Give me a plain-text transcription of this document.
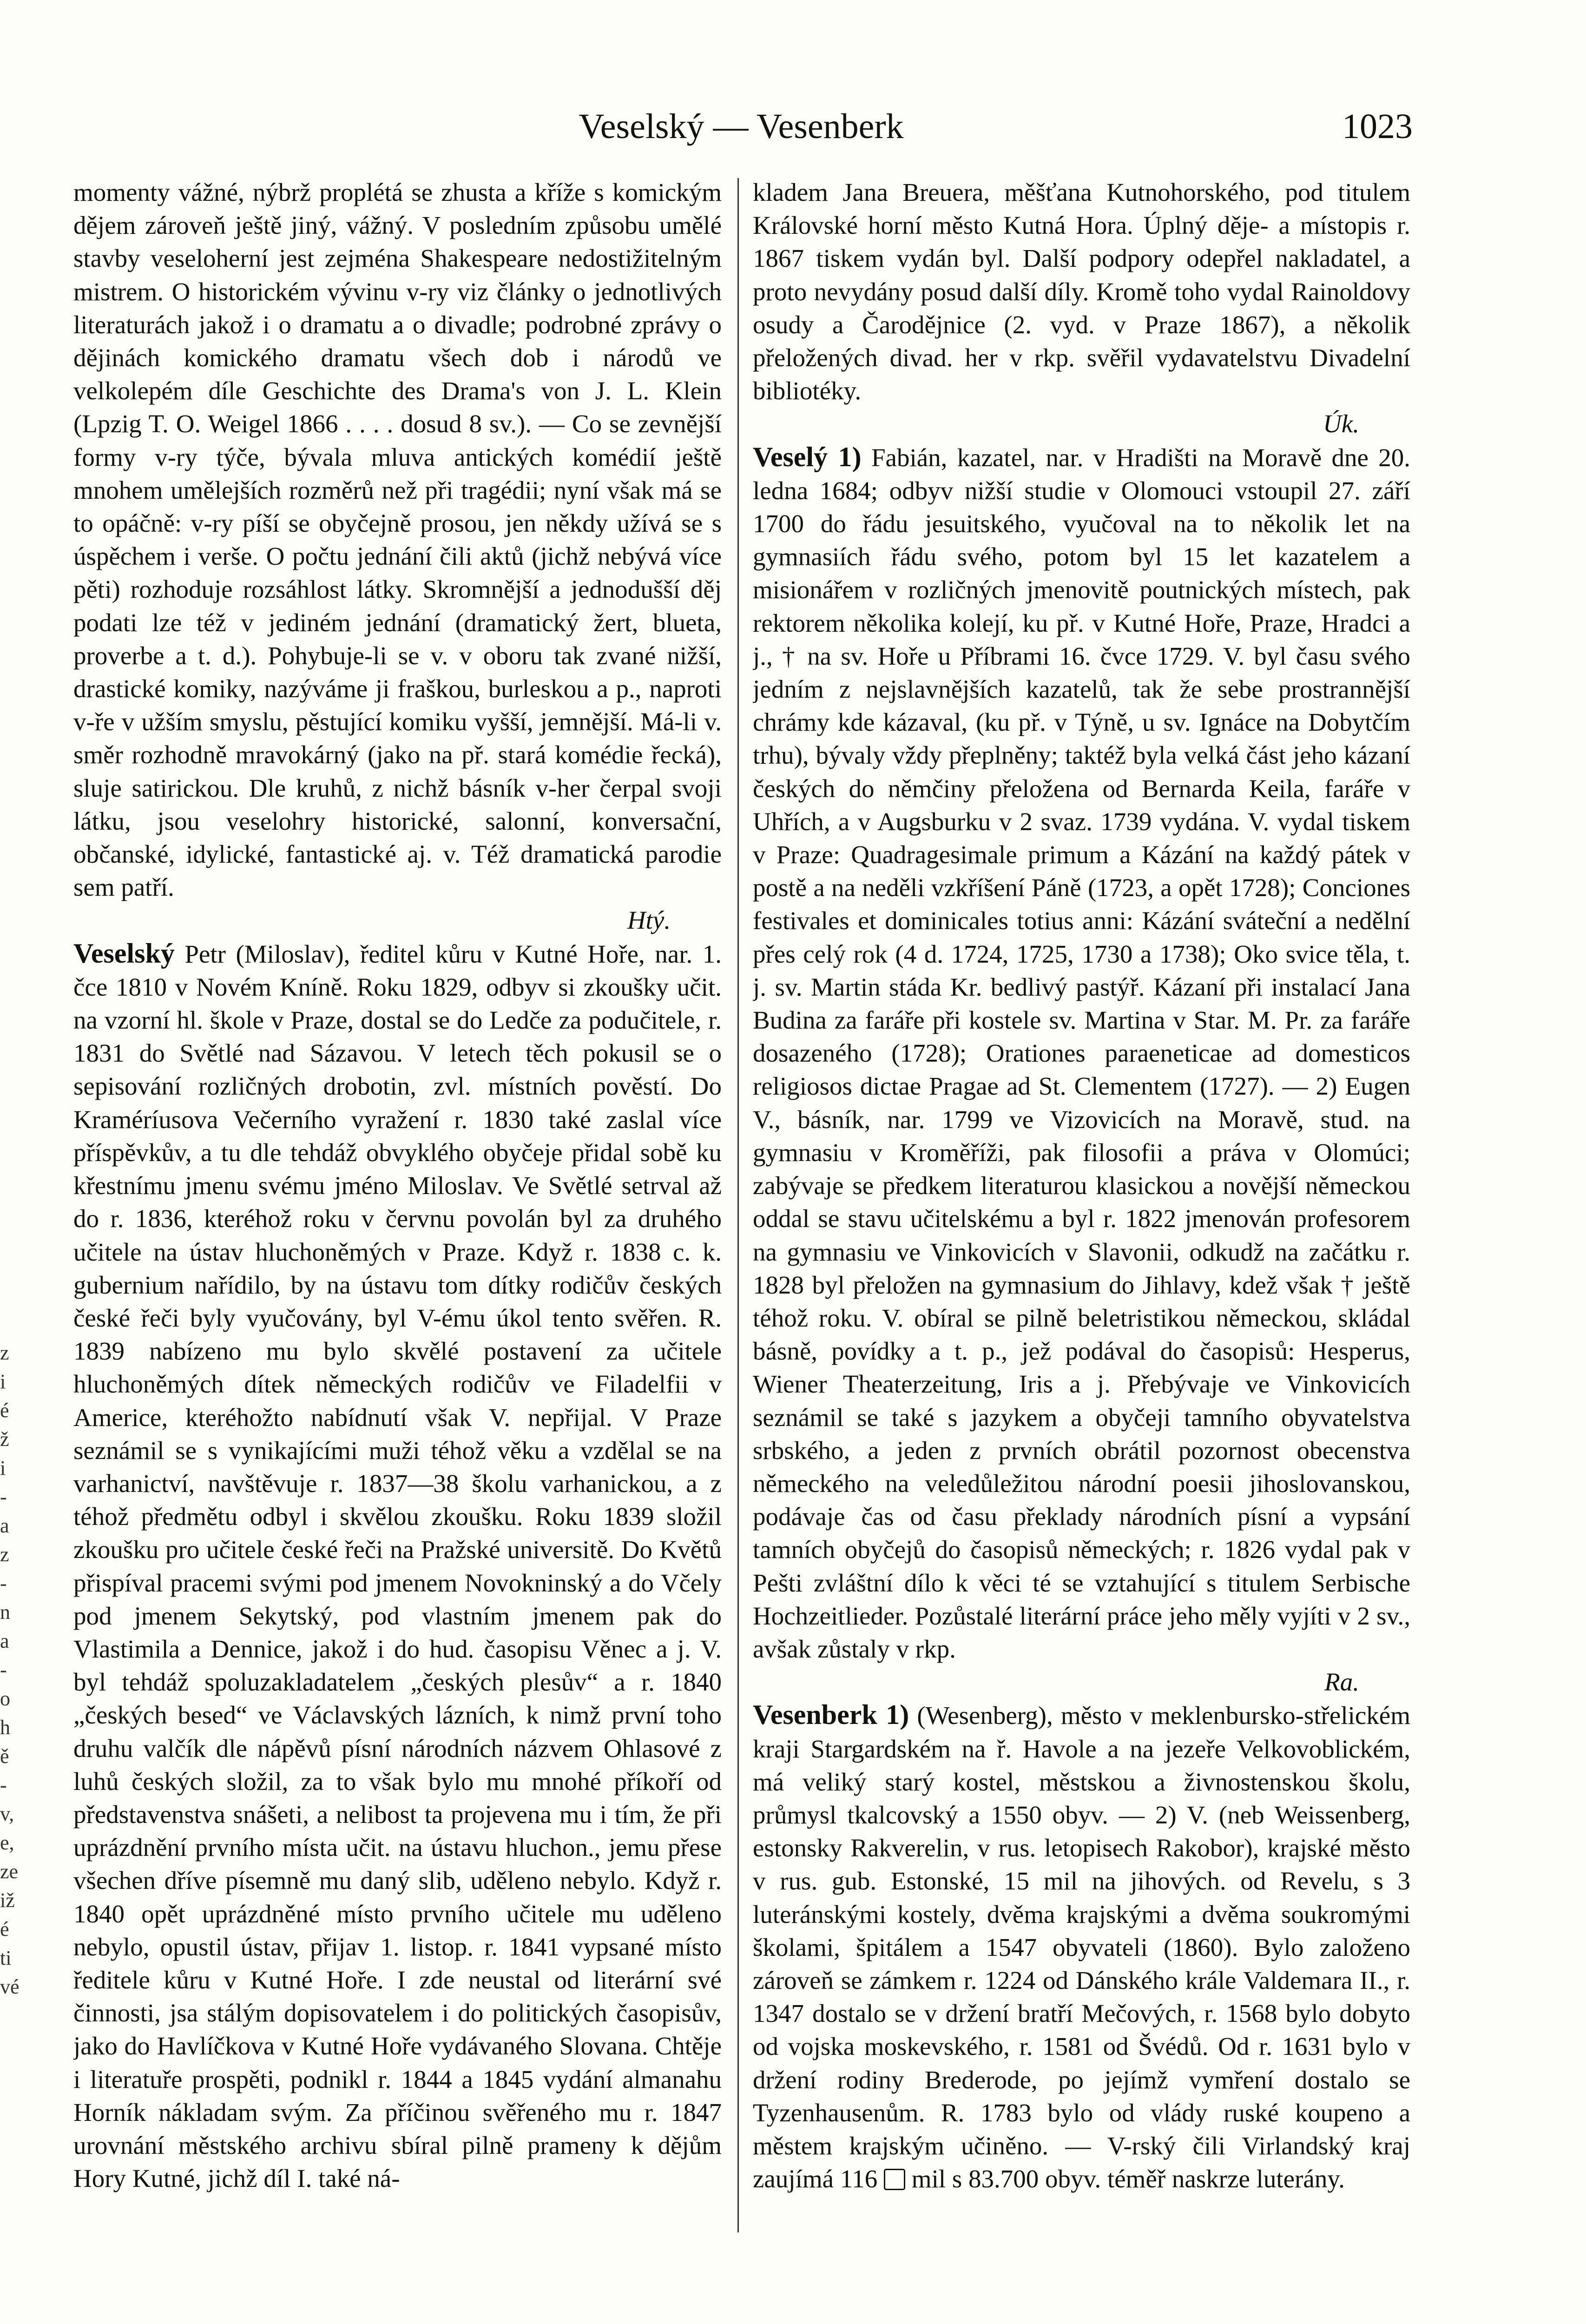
Veselský — Vesenberk	1023

momenty vážné, nýbrž proplétá se zhusta a kříže s komickým dějem zároveň ještě jiný, vážný. V posledním způsobu umělé stavby veseloherní jest zejména Shakespeare nedostižitelným mistrem. O historickém vývinu v-ry viz články o jednotlivých literaturách jakož i o dramatu a o divadle; podrobné zprávy o dějinách komického dramatu všech dob i národů ve velkolepém díle Geschichte des Drama's von J. L. Klein (Lpzig T. O. Weigel 1866 . . . . dosud 8 sv.). — Co se zevnější formy v-ry týče, bývala mluva antických komédií ještě mnohem umělejších rozměrů než při tragédii; nyní však má se to opáčně: v-ry píší se obyčejně prosou, jen někdy užívá se s úspěchem i verše. O počtu jednání čili aktů (jichž nebývá více pěti) rozhoduje rozsáhlost látky. Skromnější a jednodušší děj podati lze též v jediném jednání (dramatický žert, blueta, proverbe a t. d.). Pohybuje-li se v. v oboru tak zvané nižší, drastické komiky, nazýváme ji fraškou, burleskou a p., naproti v-ře v užším smyslu, pěstující komiku vyšší, jemnější. Má-li v. směr rozhodně mravokárný (jako na př. stará komédie řecká), sluje satirickou. Dle kruhů, z nichž básník v-her čerpal svoji látku, jsou veselohry historické, salonní, konversační, občanské, idylické, fantastické aj. v. Též dramatická parodie sem patří.

Htý.

Veselský Petr (Miloslav), ředitel kůru v Kutné Hoře, nar. 1. čce 1810 v Novém Kníně. Roku 1829, odbyv si zkoušky učit. na vzorní hl. škole v Praze, dostal se do Ledče za podučitele, r. 1831 do Světlé nad Sázavou. V letech těch pokusil se o sepisování rozličných drobotin, zvl. místních pověstí. Do Kraméríusova Večerního vyražení r. 1830 také zaslal více příspěvkův, a tu dle tehdáž obvyklého obyčeje přidal sobě ku křestnímu jmenu svému jméno Miloslav. Ve Světlé setrval až do r. 1836, kteréhož roku v červnu povolán byl za druhého učitele na ústav hluchoněmých v Praze. Když r. 1838 c. k. gubernium nařídilo, by na ústavu tom dítky rodičův českých české řeči byly vyučovány, byl V-ému úkol tento svěřen. R. 1839 nabízeno mu bylo skvělé postavení za učitele hluchoněmých dítek německých rodičův ve Filadelfii v Americe, kteréhožto nabídnutí však V. nepřijal. V Praze seznámil se s vynikajícími muži téhož věku a vzdělal se na varhanictví, navštěvuje r. 1837—38 školu varhanickou, a z téhož předmětu odbyl i skvělou zkoušku. Roku 1839 složil zkoušku pro učitele české řeči na Pražské universitě. Do Květů přispíval pracemi svými pod jmenem Novokninský a do Včely pod jmenem Sekytský, pod vlastním jmenem pak do Vlastimila a Dennice, jakož i do hud. časopisu Věnec a j. V. byl tehdáž spoluzakladatelem „českých plesův“ a r. 1840 „českých besed“ ve Václavských lázních, k nimž první toho druhu valčík dle nápěvů písní národních názvem Ohlasové z luhů českých složil, za to však bylo mu mnohé příkoří od představenstva snášeti, a nelibost ta projevena mu i tím, že při uprázdnění prvního místa učit. na ústavu hluchon., jemu přese všechen dříve písemně mu daný slib, uděleno nebylo. Když r. 1840 opět uprázdněné místo prvního učitele mu uděleno nebylo, opustil ústav, přijav 1. listop. r. 1841 vypsané místo ředitele kůru v Kutné Hoře. I zde neustal od literární své činnosti, jsa stálým dopisovatelem i do politických časopisův, jako do Havlíčkova v Kutné Hoře vydávaného Slovana. Chtěje i literatuře prospěti, podnikl r. 1844 a 1845 vydání almanahu Horník nákladam svým. Za příčinou svěřeného mu r. 1847 urovnání městského archivu sbíral pilně prameny k dějům Hory Kutné, jichž díl I. také ná-

kladem Jana Breuera, měšťana Kutnohorského, pod titulem Královské horní město Kutná Hora. Úplný děje- a místopis r. 1867 tiskem vydán byl. Další podpory odepřel nakladatel, a proto nevydány posud další díly. Kromě toho vydal Rainoldovy osudy a Čarodějnice (2. vyd. v Praze 1867), a několik přeložených divad. her v rkp. svěřil vydavatelstvu Divadelní bibliotéky.

Úk.

Veselý 1) Fabián, kazatel, nar. v Hradišti na Moravě dne 20. ledna 1684; odbyv nižší studie v Olomouci vstoupil 27. září 1700 do řádu jesuitského, vyučoval na to několik let na gymnasiích řádu svého, potom byl 15 let kazatelem a misionářem v rozličných jmenovitě poutnických místech, pak rektorem několika kolejí, ku př. v Kutné Hoře, Praze, Hradci a j., † na sv. Hoře u Příbrami 16. čvce 1729. V. byl času svého jedním z nejslavnějších kazatelů, tak že sebe prostrannější chrámy kde kázaval, (ku př. v Týně, u sv. Ignáce na Dobytčím trhu), bývaly vždy přeplněny; taktéž byla velká část jeho kázaní českých do němčiny přeložena od Bernarda Keila, faráře v Uhřích, a v Augsburku v 2 svaz. 1739 vydána. V. vydal tiskem v Praze: Quadragesimale primum a Kázání na každý pátek v postě a na neděli vzkříšení Páně (1723, a opět 1728); Conciones festivales et dominicales totius anni: Kázání sváteční a nedělní přes celý rok (4 d. 1724, 1725, 1730 a 1738); Oko svice těla, t. j. sv. Martin stáda Kr. bedlivý pastýř. Kázaní při instalací Jana Budina za faráře při kostele sv. Martina v Star. M. Pr. za faráře dosazeného (1728); Orationes paraeneticae ad domesticos religiosos dictae Pragae ad St. Clementem (1727). — 2) Eugen V., básník, nar. 1799 ve Vizovicích na Moravě, stud. na gymnasiu v Kroměříži, pak filosofii a práva v Olomúci; zabývaje se předkem literaturou klasickou a novější německou oddal se stavu učitelskému a byl r. 1822 jmenován profesorem na gymnasiu ve Vinkovicích v Slavonii, odkudž na začátku r. 1828 byl přeložen na gymnasium do Jihlavy, kdež však † ještě téhož roku. V. obíral se pilně beletristikou německou, skládal básně, povídky a t. p., jež podával do časopisů: Hesperus, Wiener Theaterzeitung, Iris a j. Přebývaje ve Vinkovicích seznámil se také s jazykem a obyčeji tamního obyvatelstva srbského, a jeden z prvních obrátil pozornost obecenstva německého na veledůležitou národní poesii jihoslovanskou, podávaje čas od času překlady národních písní a vypsání tamních obyčejů do časopisů německých; r. 1826 vydal pak v Pešti zvláštní dílo k věci té se vztahující s titulem Serbische Hochzeitlieder. Pozůstalé literární práce jeho měly vyjíti v 2 sv., avšak zůstaly v rkp.

Ra.

Vesenberk 1) (Wesenberg), město v meklenbursko-střelickém kraji Stargardském na ř. Havole a na jezeře Velkovoblickém, má veliký starý kostel, městskou a živnostenskou školu, průmysl tkalcovský a 1550 obyv. — 2) V. (neb Weissenberg, estonsky Rakverelin, v rus. letopisech Rakobor), krajské město v rus. gub. Estonské, 15 mil na jihových. od Revelu, s 3 luteránskými kostely, dvěma krajskými a dvěma soukromými školami, špitálem a 1547 obyvateli (1860). Bylo založeno zároveň se zámkem r. 1224 od Dánského krále Valdemara II., r. 1347 dostalo se v držení bratří Mečových, r. 1568 bylo dobyto od vojska moskevského, r. 1581 od Švédů. Od r. 1631 bylo v držení rodiny Brederode, po jejímž vymření dostalo se Tyzenhausenům. R. 1783 bylo od vlády ruské koupeno a městem krajským učiněno. — V-rský čili Virlandský kraj zaujímá 116 mil s 83.700 obyv. téměř naskrze luterány.

z
i
é
ž
i
-
a
z
-
n
a
-
o
h
ě
-
v,
e,
ze
iž
é
ti
vé
